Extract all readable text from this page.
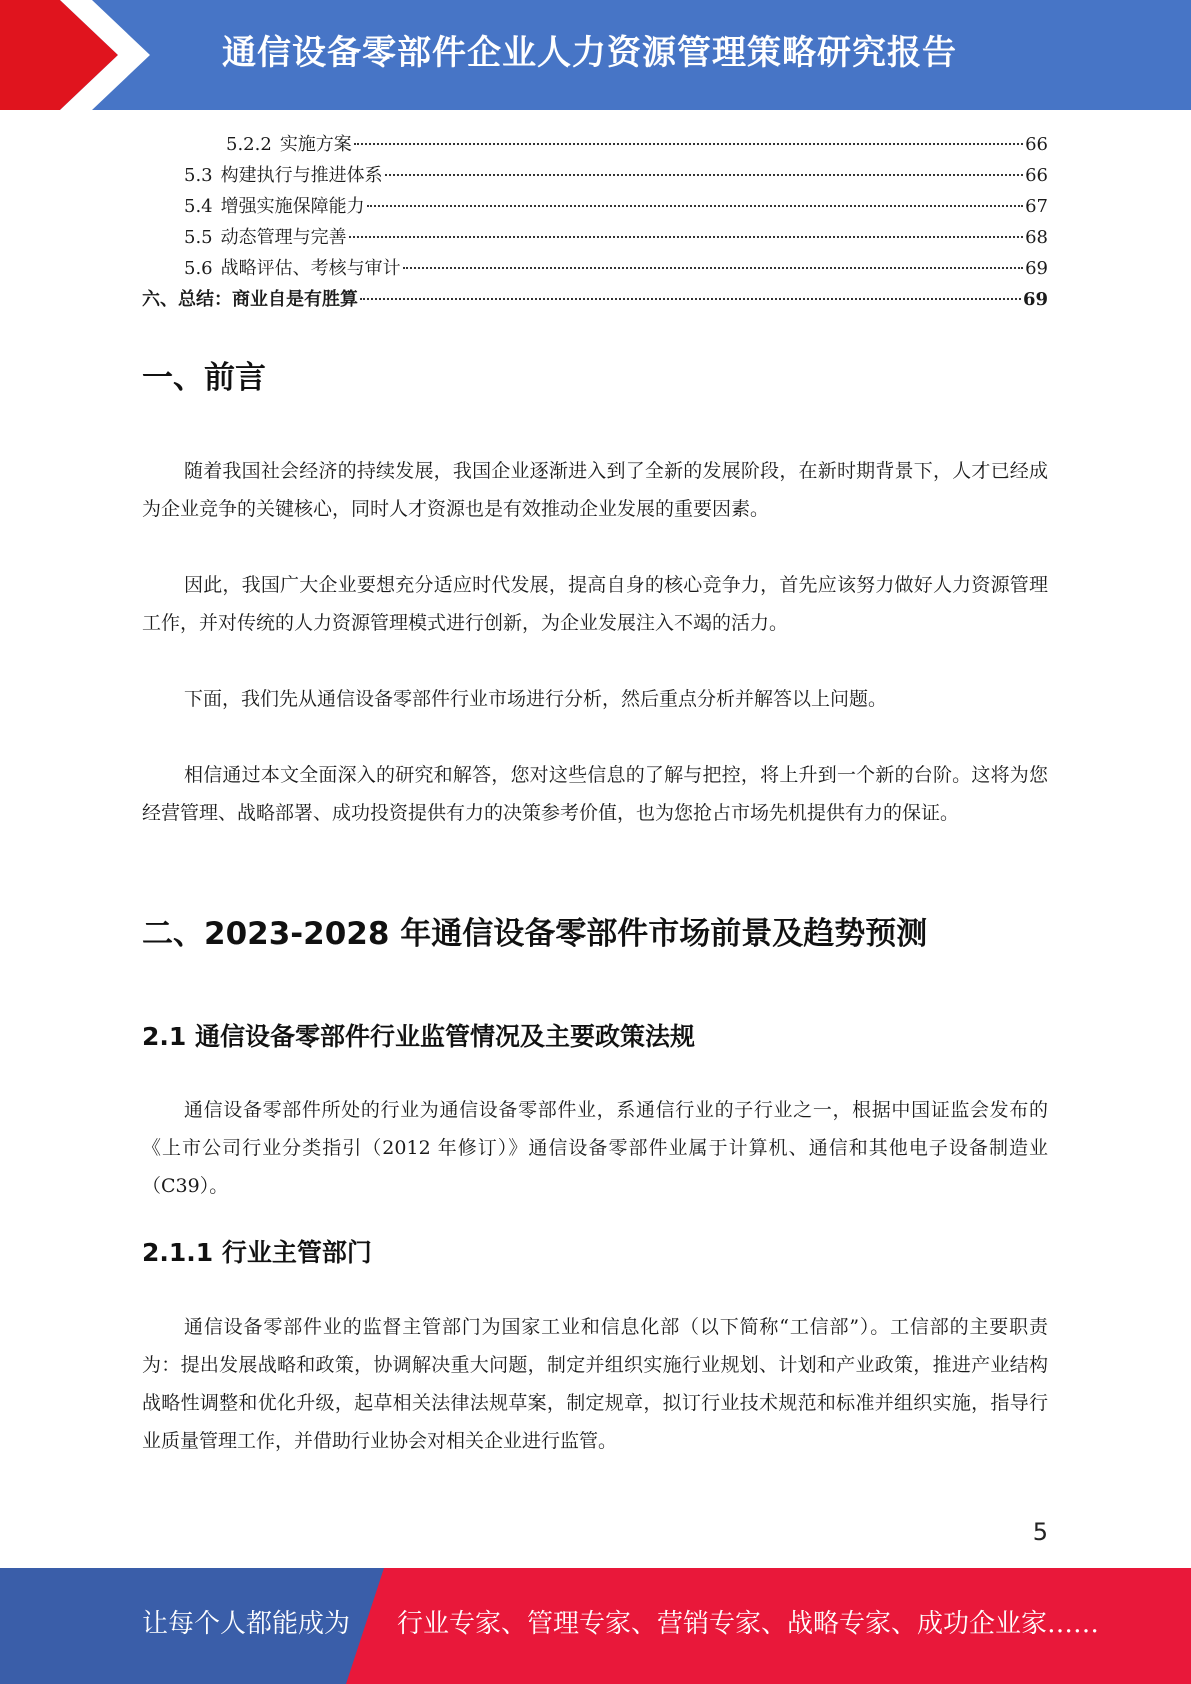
通信设备零部件企业人力资源管理策略研究报告
5.2.2 实施方案	66
5.3 构建执行与推进体系	66
5.4 增强实施保障能力	67
5.5 动态管理与完善	68
5.6 战略评估、考核与审计	69
六、 总结：商业自是有胜算	69
一、前言

随着我国社会经济的持续发展，我国企业逐渐进入到了全新的发展阶段，在新时期背景下，人才已经成为企业竞争的关键核心，同时人才资源也是有效推动企业发展的重要因素。

因此，我国广大企业要想充分适应时代发展，提高自身的核心竞争力，首先应该努力做好人力资源管理工作，并对传统的人力资源管理模式进行创新，为企业发展注入不竭的活力。

下面，我们先从通信设备零部件行业市场进行分析，然后重点分析并解答以上问题。

相信通过本文全面深入的研究和解答，您对这些信息的了解与把控，将上升到一个新的台阶。这将为您经营管理、战略部署、成功投资提供有力的决策参考价值，也为您抢占市场先机提供有力的保证。

二、2023-2028 年通信设备零部件市场前景及趋势预测
2.1 通信设备零部件行业监管情况及主要政策法规

通信设备零部件所处的行业为通信设备零部件业，系通信行业的子行业之一，根据中国证监会发布的《上市公司行业分类指引（2012 年修订）》通信设备零部件业属于计算机、通信和其他电子设备制造业（C39）。

2.1.1 行业主管部门

通信设备零部件业的监督主管部门为国家工业和信息化部（以下简称“工信部”）。工信部的主要职责为：提出发展战略和政策，协调解决重大问题，制定并组织实施行业规划、计划和产业政策，推进产业结构战略性调整和优化升级，起草相关法律法规草案，制定规章，拟订行业技术规范和标准并组织实施，指导行业质量管理工作，并借助行业协会对相关企业进行监管。

5
让每个人都能成为 行业专家、管理专家、营销专家、战略专家、成功企业家……
